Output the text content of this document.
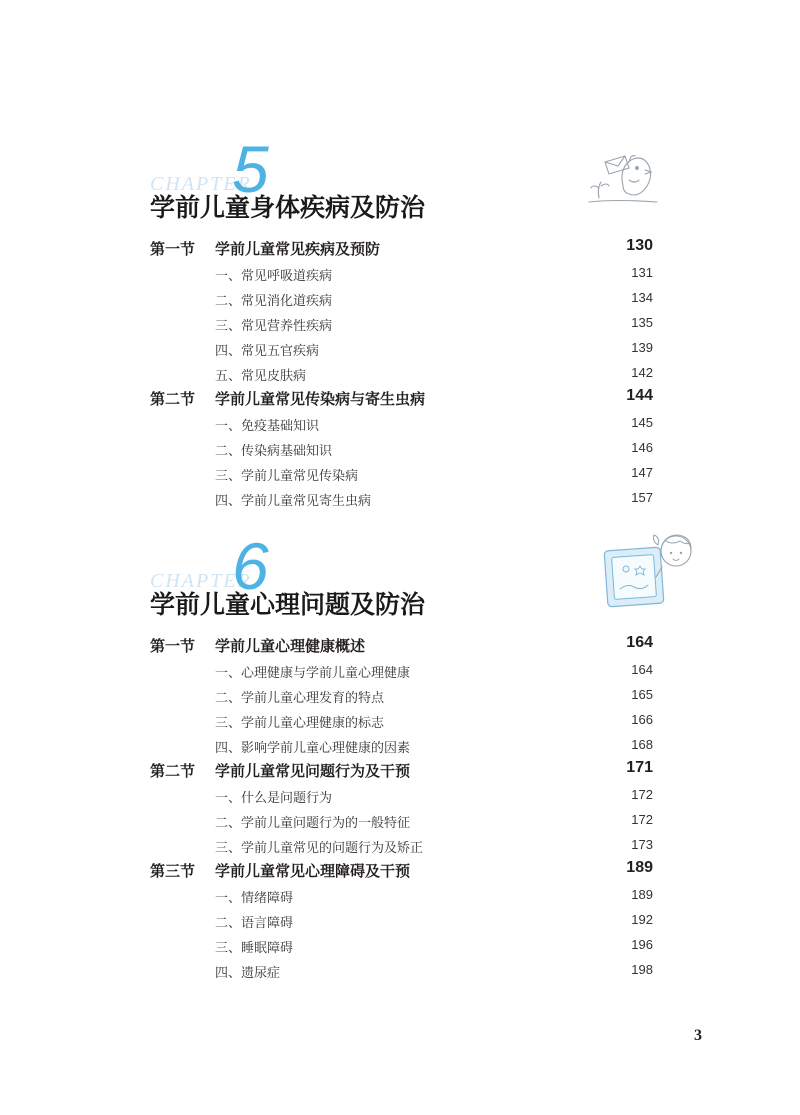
CHAPTER
5
学前儿童身体疾病及防治
第一节 学前儿童常见疾病及预防	130
一、常见呼吸道疾病	131
二、常见消化道疾病	134
三、常见营养性疾病	135
四、常见五官疾病	139
五、常见皮肤病	142
第二节 学前儿童常见传染病与寄生虫病	144
一、免疫基础知识	145
二、传染病基础知识	146
三、学前儿童常见传染病	147
四、学前儿童常见寄生虫病	157
CHAPTER
6
学前儿童心理问题及防治
第一节 学前儿童心理健康概述	164
一、心理健康与学前儿童心理健康	164
二、学前儿童心理发育的特点	165
三、学前儿童心理健康的标志	166
四、影响学前儿童心理健康的因素	168
第二节 学前儿童常见问题行为及干预	171
一、什么是问题行为	172
二、学前儿童问题行为的一般特征	172
三、学前儿童常见的问题行为及矫正	173
第三节 学前儿童常见心理障碍及干预	189
一、情绪障碍	189
二、语言障碍	192
三、睡眠障碍	196
四、遗尿症	198
3
